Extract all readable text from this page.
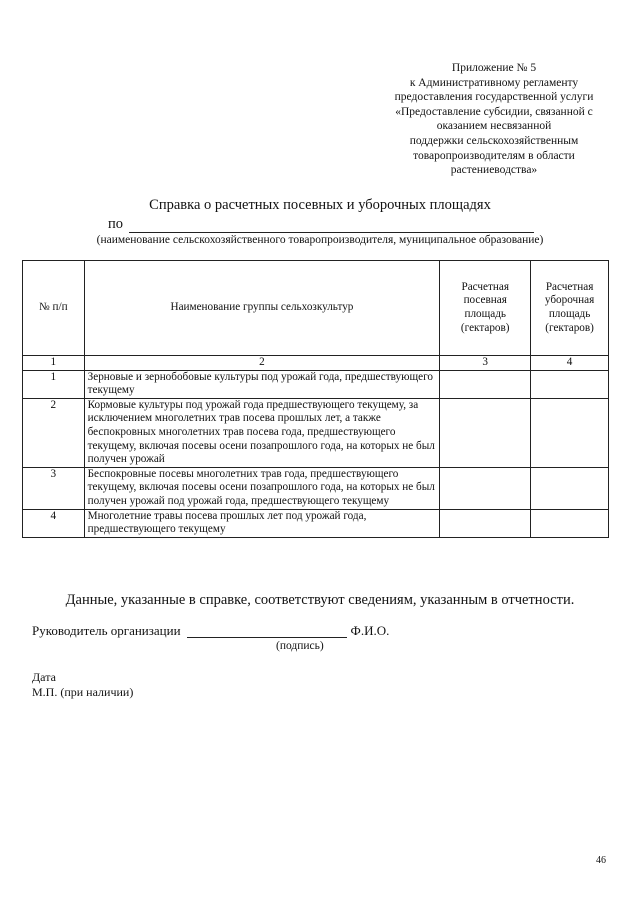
Приложение № 5
к Административному регламенту
предоставления государственной услуги
«Предоставление субсидии, связанной с
оказанием несвязанной
поддержки сельскохозяйственным
товаропроизводителям в области
растениеводства»
Справка о расчетных посевных и уборочных площадях
по
(наименование сельскохозяйственного товаропроизводителя, муниципальное образование)
№ п/п	Наименование группы сельхозкультур	Расчетная посевная площадь (гектаров)	Расчетная уборочная площадь (гектаров)
1	2	3	4
1	Зерновые и зернобобовые культуры под урожай года, предшествующего текущему		
2	Кормовые культуры под урожай года предшествующего текущему, за исключением многолетних трав посева прошлых лет, а также беспокровных многолетних трав посева года, предшествующего текущему, включая посевы осени позапрошлого года, на которых не был получен урожай		
3	Беспокровные посевы многолетних трав года, предшествующего текущему, включая посевы осени позапрошлого года, на которых не был получен урожай под урожай года, предшествующего текущему		
4	Многолетние травы посева прошлых лет под урожай года, предшествующего текущему		
Данные, указанные в справке, соответствуют сведениям, указанным в отчетности.
Руководитель организации	Ф.И.О.
(подпись)
Дата
М.П. (при наличии)
46
